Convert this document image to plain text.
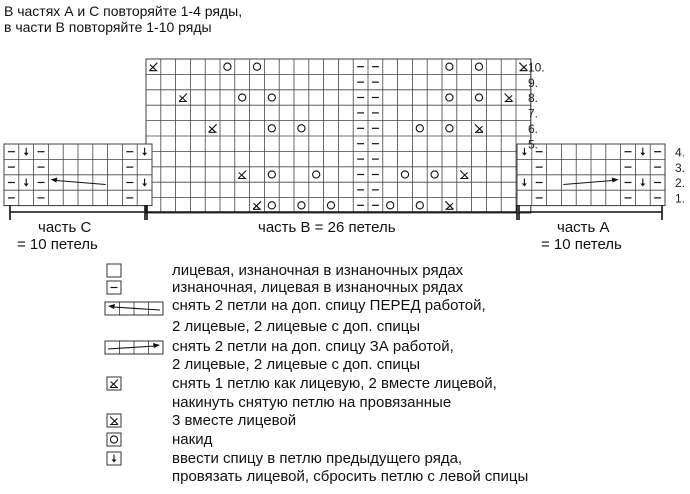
В частях А и С повторяйте 1-4 ряды,
в части В повторяйте 1-10 ряды
10.
9.
8.
7.
6.
5.
4.
3.
2.
1.
часть С
= 10 петель
часть В = 26 петель	часть А
= 10 петель
лицевая, изнаночная в изнаночных рядах
изнаночная, лицевая в изнаночных рядах
снять 2 петли на доп. спицу ПЕРЕД работой,
2 лицевые, 2 лицевые с доп. спицы
снять 2 петли на доп. спицу ЗА работой,
2 лицевые, 2 лицевые с доп. спицы
снять 1 петлю как лицевую, 2 вместе лицевой,
накинуть снятую петлю на провязанные
3 вместе лицевой
накид
ввести спицу в петлю предыдущего ряда,
провязать лицевой, сбросить петлю с левой спицы
